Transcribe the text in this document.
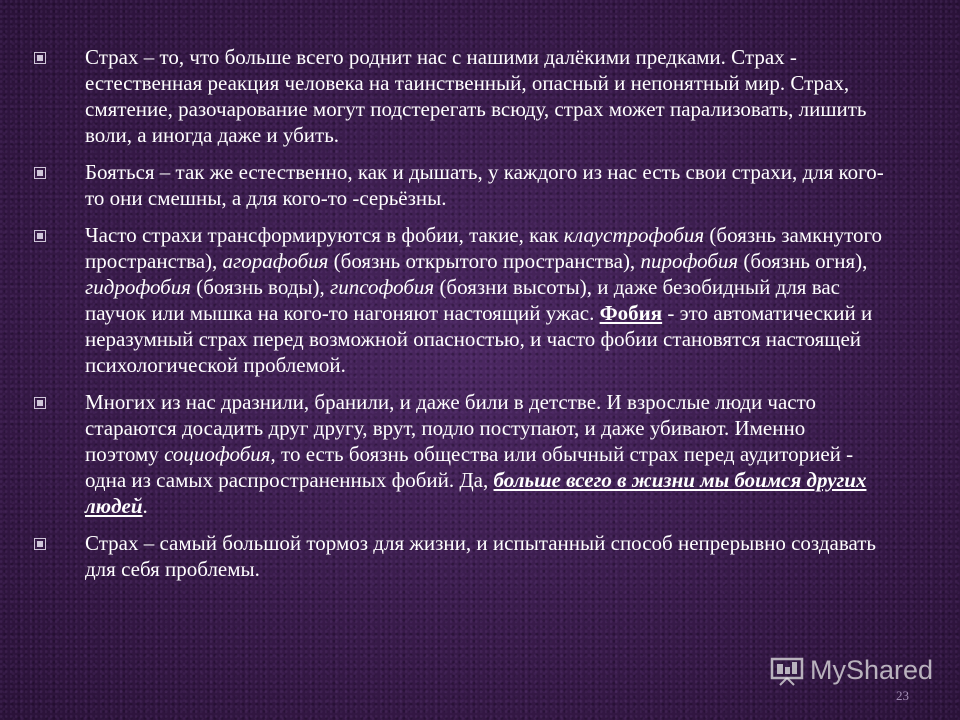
Страх – то, что больше всего роднит нас с нашими далёкими предками. Страх - естественная реакция человека на таинственный, опасный и непонятный мир. Страх, смятение, разочарование могут подстерегать всюду, страх может парализовать, лишить воли, а иногда даже и убить.

Бояться – так же естественно, как и дышать, у каждого из нас есть свои страхи, для кого-то они смешны, а для кого-то -серьёзны.

Часто страхи трансформируются в фобии, такие, как клаустрофобия (боязнь замкнутого пространства), агорафобия (боязнь открытого пространства), пирофобия (боязнь огня), гидрофобия (боязнь воды), гипсофобия (боязни высоты), и даже безобидный для вас паучок или мышка на кого-то нагоняют настоящий ужас. Фобия - это автоматический и неразумный страх перед возможной опасностью, и часто фобии становятся настоящей психологической проблемой.

Многих из нас дразнили, бранили, и даже били в детстве. И взрослые люди часто стараются досадить друг другу, врут, подло поступают, и даже убивают. Именно поэтому социофобия, то есть боязнь общества или обычный страх перед аудиторией - одна из самых распространенных фобий. Да, больше всего в жизни мы боимся других людей.

Страх – самый большой тормоз для жизни, и испытанный способ непрерывно создавать для себя проблемы.

MyShared
23
